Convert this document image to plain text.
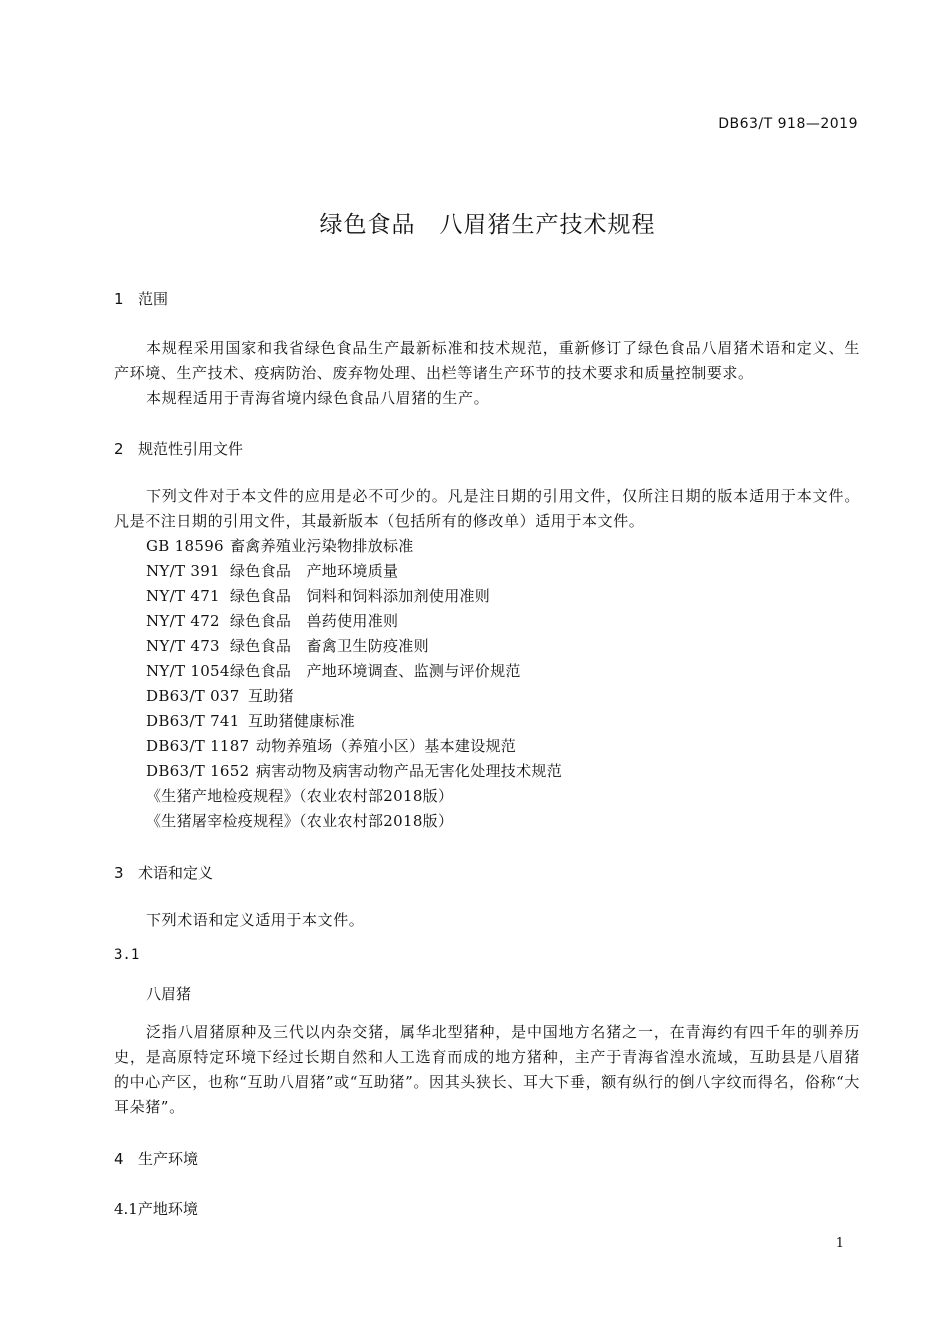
DB63/T 918—2019
绿色食品　八眉猪生产技术规程
1 范围
本规程采用国家和我省绿色食品生产最新标准和技术规范，重新修订了绿色食品八眉猪术语和定义、生产环境、生产技术、疫病防治、废弃物处理、出栏等诸生产环节的技术要求和质量控制要求。
本规程适用于青海省境内绿色食品八眉猪的生产。
2 规范性引用文件
下列文件对于本文件的应用是必不可少的。凡是注日期的引用文件，仅所注日期的版本适用于本文件。凡是不注日期的引用文件，其最新版本（包括所有的修改单）适用于本文件。
GB 18596 畜禽养殖业污染物排放标准
NY/T 391 绿色食品　产地环境质量
NY/T 471 绿色食品　饲料和饲料添加剂使用准则
NY/T 472 绿色食品　兽药使用准则
NY/T 473 绿色食品　畜禽卫生防疫准则
NY/T 1054绿色食品　产地环境调查、监测与评价规范
DB63/T 037 互助猪
DB63/T 741 互助猪健康标准
DB63/T 1187 动物养殖场（养殖小区）基本建设规范
DB63/T 1652 病害动物及病害动物产品无害化处理技术规范
《生猪产地检疫规程》（农业农村部2018版）
《生猪屠宰检疫规程》（农业农村部2018版）
3 术语和定义
下列术语和定义适用于本文件。
3.1
八眉猪
泛指八眉猪原种及三代以内杂交猪，属华北型猪种，是中国地方名猪之一，在青海约有四千年的驯养历史，是高原特定环境下经过长期自然和人工选育而成的地方猪种，主产于青海省湟水流域，互助县是八眉猪的中心产区，也称“互助八眉猪”或“互助猪”。因其头狭长、耳大下垂，额有纵行的倒八字纹而得名，俗称“大耳朵猪”。
4 生产环境
4.1产地环境
1
